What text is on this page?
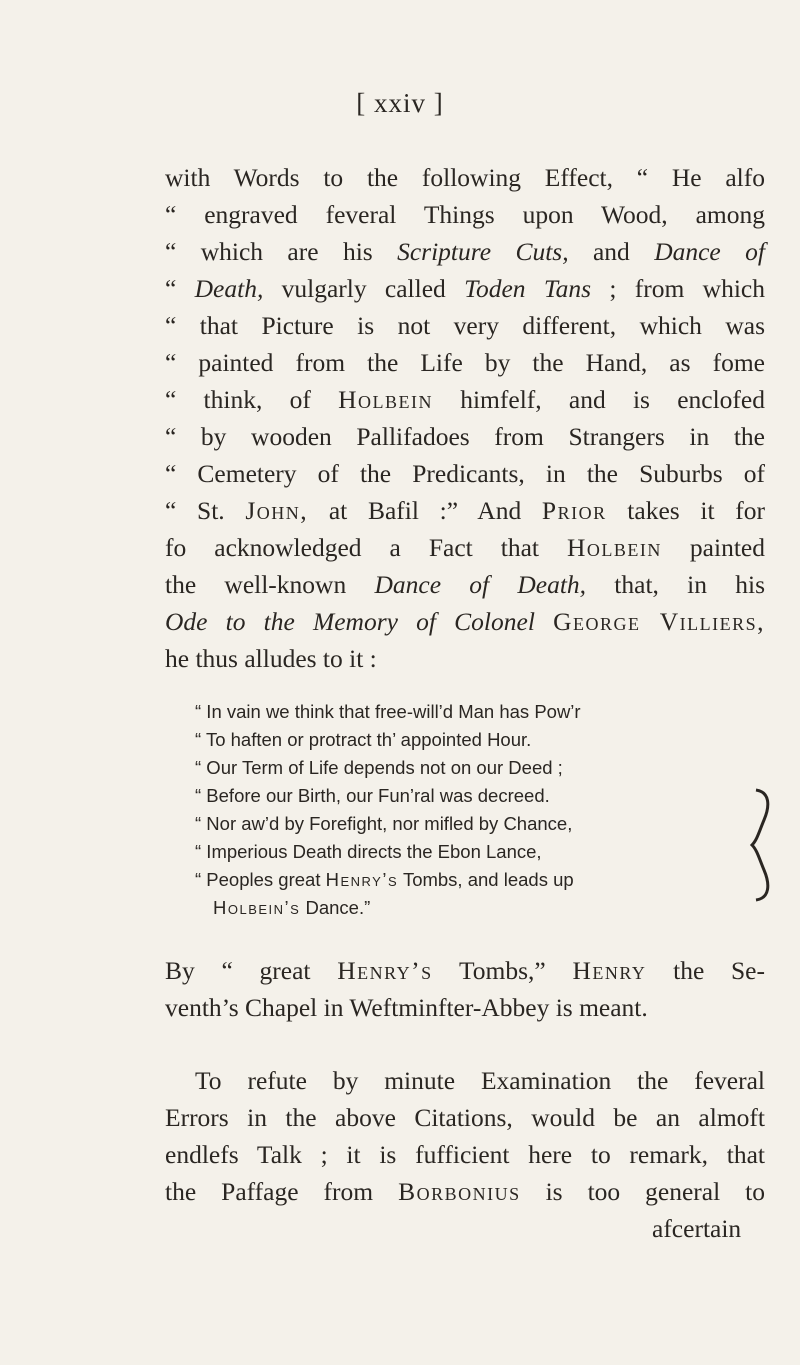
[ xxiv ]
with Words to the following Effect, “ He alfo
“ engraved feveral Things upon Wood, among
“ which are his Scripture Cuts, and Dance of
“ Death, vulgarly called Toden Tans ; from which
“ that Picture is not very different, which was
“ painted from the Life by the Hand, as fome
“ think, of Holbein himfelf, and is enclofed
“ by wooden Pallifadoes from Strangers in the
“ Cemetery of the Predicants, in the Suburbs of
“ St. John, at Bafil :” And Prior takes it for
fo acknowledged a Fact that Holbein painted
the well-known Dance of Death, that, in his
Ode to the Memory of Colonel George Villiers,
he thus alludes to it :
“ In vain we think that free-will’d Man has Pow’r
“ To haften or protract th’ appointed Hour.
“ Our Term of Life depends not on our Deed ;
“ Before our Birth, our Fun’ral was decreed.
“ Nor aw’d by Forefight, nor mifled by Chance,
“ Imperious Death directs the Ebon Lance,
“ Peoples great Henry’s Tombs, and leads up
Holbein’s Dance.”
By “ great Henry’s Tombs,” Henry the Se-
venth’s Chapel in Weftminfter-Abbey is meant.
To refute by minute Examination the feveral
Errors in the above Citations, would be an almoft
endlefs Talk ; it is fufficient here to remark, that
the Paffage from Borbonius is too general to
afcertain
